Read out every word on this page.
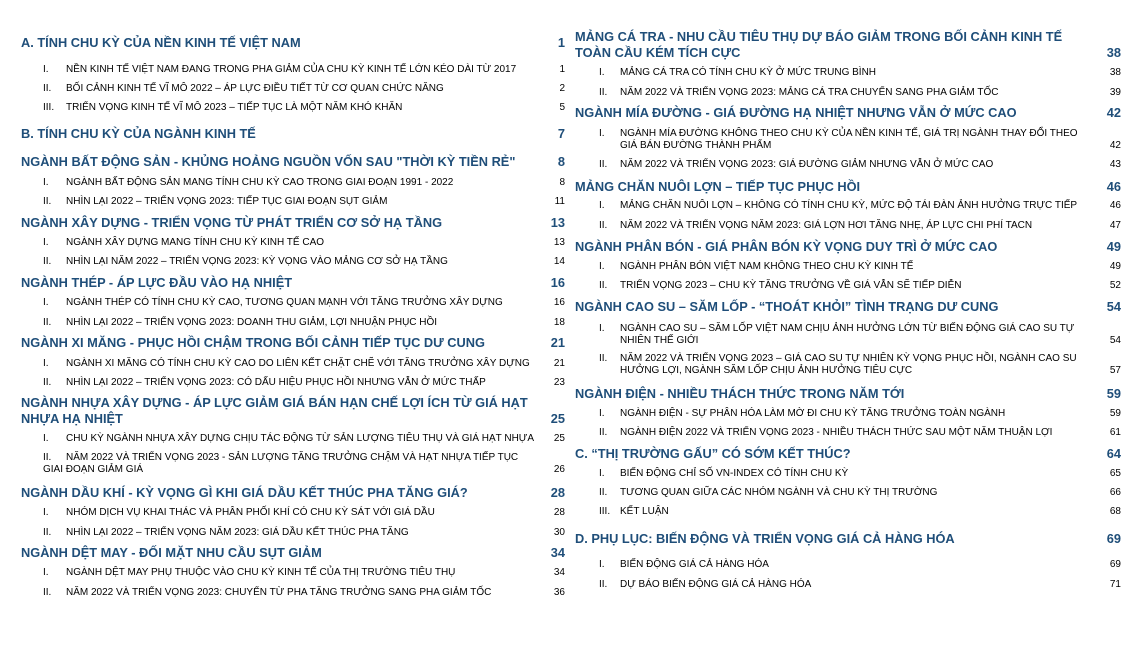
A. TÍNH CHU KỲ CỦA NỀN KINH TẾ VIỆT NAM	1
I.	NỀN KINH TẾ VIỆT NAM ĐANG TRONG PHA GIẢM CỦA CHU KỲ KINH TẾ LỚN KÉO DÀI TỪ 2017	1
II.	BỐI CẢNH KINH TẾ VĨ MÔ 2022 – ÁP LỰC ĐIỀU TIẾT TỪ CƠ QUAN CHỨC NĂNG	2
III.	TRIỂN VỌNG KINH TẾ VĨ MÔ 2023 – TIẾP TỤC LÀ MỘT NĂM KHÓ KHĂN	5
B. TÍNH CHU KỲ CỦA NGÀNH KINH TẾ	7
NGÀNH BẤT ĐỘNG SẢN - KHỦNG HOẢNG NGUỒN VỐN SAU "THỜI KỲ TIỀN RẺ"	8
I.	NGÀNH BẤT ĐỘNG SẢN MANG TÍNH CHU KỲ CAO TRONG GIAI ĐOẠN 1991 - 2022	8
II.	NHÌN LẠI 2022 – TRIỂN VỌNG 2023: TIẾP TỤC GIAI ĐOẠN SỤT GIẢM	11
NGÀNH XÂY DỰNG - TRIỂN VỌNG TỪ PHÁT TRIỂN CƠ SỞ HẠ TẦNG	13
I.	NGÀNH XÂY DỰNG MANG TÍNH CHU KỲ KINH TẾ CAO	13
II.	NHÌN LẠI NĂM 2022 – TRIỂN VỌNG 2023: KỲ VỌNG VÀO MẢNG CƠ SỞ HẠ TẦNG	14
NGÀNH THÉP - ÁP LỰC ĐẦU VÀO HẠ NHIỆT	16
I.	NGÀNH THÉP CÓ TÍNH CHU KỲ CAO, TƯƠNG QUAN MẠNH VỚI TĂNG TRƯỞNG XÂY DỰNG	16
II.	NHÌN LẠI 2022 – TRIỂN VỌNG 2023: DOANH THU GIẢM, LỢI NHUẬN PHỤC HỒI	18
NGÀNH XI MĂNG - PHỤC HỒI CHẬM TRONG BỐI CẢNH TIẾP TỤC DƯ CUNG	21
I.	NGÀNH XI MĂNG CÓ TÍNH CHU KỲ CAO DO LIÊN KẾT CHẶT CHẼ VỚI TĂNG TRƯỞNG XÂY DỰNG	21
II.	NHÌN LẠI 2022 – TRIỂN VỌNG 2023: CÓ DẤU HIỆU PHỤC HỒI NHƯNG VẪN Ở MỨC THẤP	23
NGÀNH NHỰA XÂY DỰNG - ÁP LỰC GIẢM GIÁ BÁN HẠN CHẾ LỢI ÍCH TỪ GIÁ HẠT NHỰA HẠ NHIỆT	25
I.	CHU KỲ NGÀNH NHỰA XÂY DỰNG CHỊU TÁC ĐỘNG TỪ SẢN LƯỢNG TIÊU THỤ VÀ GIÁ HẠT NHỰA	25
II. NĂM 2022 VÀ TRIỂN VỌNG 2023 - SẢN LƯỢNG TĂNG TRƯỞNG CHẬM VÀ HẠT NHỰA TIẾP TỤC GIAI ĐOẠN GIẢM GIÁ	26
NGÀNH DẦU KHÍ - KỲ VỌNG GÌ KHI GIÁ DẦU KẾT THÚC PHA TĂNG GIÁ?	28
I.	NHÓM DỊCH VỤ KHAI THÁC VÀ PHÂN PHỐI KHÍ CÓ CHU KỲ SÁT VỚI GIÁ DẦU	28
II.	NHÌN LẠI 2022 – TRIỂN VỌNG NĂM 2023: GIÁ DẦU KẾT THÚC PHA TĂNG	30
NGÀNH DỆT MAY - ĐỐI MẶT NHU CẦU SỤT GIẢM	34
I.	NGÀNH DỆT MAY PHỤ THUỘC VÀO CHU KỲ KINH TẾ CỦA THỊ TRƯỜNG TIÊU THỤ	34
II.	NĂM 2022 VÀ TRIỂN VỌNG 2023: CHUYỂN TỪ PHA TĂNG TRƯỞNG SANG PHA GIẢM TỐC	36
MẢNG CÁ TRA - NHU CẦU TIÊU THỤ DỰ BÁO GIẢM TRONG BỐI CẢNH KINH TẾ TOÀN CẦU KÉM TÍCH CỰC	38
I.	MẢNG CÁ TRA CÓ TÍNH CHU KỲ Ở MỨC TRUNG BÌNH	38
II.	NĂM 2022 VÀ TRIỂN VỌNG 2023: MẢNG CÁ TRA CHUYỂN SANG PHA GIẢM TỐC	39
NGÀNH MÍA ĐƯỜNG - GIÁ ĐƯỜNG HẠ NHIỆT NHƯNG VẪN Ở MỨC CAO	42
I.	NGÀNH MÍA ĐƯỜNG KHÔNG THEO CHU KỲ CỦA NỀN KINH TẾ, GIÁ TRỊ NGÀNH THAY ĐỔI THEO GIÁ BÁN ĐƯỜNG THÀNH PHẨM	42
II.	NĂM 2022 VÀ TRIỂN VỌNG 2023: GIÁ ĐƯỜNG GIẢM NHƯNG VẪN Ở MỨC CAO	43
MẢNG CHĂN NUÔI LỢN – TIẾP TỤC PHỤC HỒI	46
I.	MẢNG CHĂN NUÔI LỢN – KHÔNG CÓ TÍNH CHU KỲ, MỨC ĐỘ TÁI ĐÀN ẢNH HƯỞNG TRỰC TIẾP	46
II.	NĂM 2022 VÀ TRIỂN VỌNG NĂM 2023: GIÁ LỢN HƠI TĂNG NHẸ, ÁP LỰC CHI PHÍ TACN	47
NGÀNH PHÂN BÓN - GIÁ PHÂN BÓN KỲ VỌNG DUY TRÌ Ở MỨC CAO	49
I.	NGÀNH PHÂN BÓN VIỆT NAM KHÔNG THEO CHU KỲ KINH TẾ	49
II.	TRIỂN VỌNG 2023 – CHU KỲ TĂNG TRƯỞNG VỀ GIÁ VẪN SẼ TIẾP DIỄN	52
NGÀNH CAO SU – SĂM LỐP - “THOÁT KHỎI” TÌNH TRẠNG DƯ CUNG	54
I.	NGÀNH CAO SU – SĂM LỐP VIỆT NAM CHỊU ẢNH HƯỞNG LỚN TỪ BIẾN ĐỘNG GIÁ CAO SU TỰ NHIÊN THẾ GIỚI	54
II.	NĂM 2022 VÀ TRIỂN VỌNG 2023 – GIÁ CAO SU TỰ NHIÊN KỲ VỌNG PHỤC HỒI, NGÀNH CAO SU HƯỞNG LỢI, NGÀNH SĂM LỐP CHỊU ẢNH HƯỞNG TIÊU CỰC	57
NGÀNH ĐIỆN - NHIỀU THÁCH THỨC TRONG NĂM TỚI	59
I.	NGÀNH ĐIỆN - SỰ PHÂN HÓA LÀM MỜ ĐI CHU KỲ TĂNG TRƯỞNG TOÀN NGÀNH	59
II.	NGÀNH ĐIỆN 2022 VÀ TRIỂN VỌNG 2023 - NHIỀU THÁCH THỨC SAU MỘT NĂM THUẬN LỢI	61
C. “THỊ TRƯỜNG GẤU” CÓ SỚM KẾT THÚC?	64
I.	BIẾN ĐỘNG CHỈ SỐ VN-INDEX CÓ TÍNH CHU KỲ	65
II.	TƯƠNG QUAN GIỮA CÁC NHÓM NGÀNH VÀ CHU KỲ THỊ TRƯỜNG	66
III. KẾT LUẬN	68
D. PHỤ LỤC: BIẾN ĐỘNG VÀ TRIỂN VỌNG GIÁ CẢ HÀNG HÓA	69
I.	BIẾN ĐỘNG GIÁ CẢ HÀNG HÓA	69
II.	DỰ BÁO BIẾN ĐỘNG GIÁ CẢ HÀNG HÓA	71
